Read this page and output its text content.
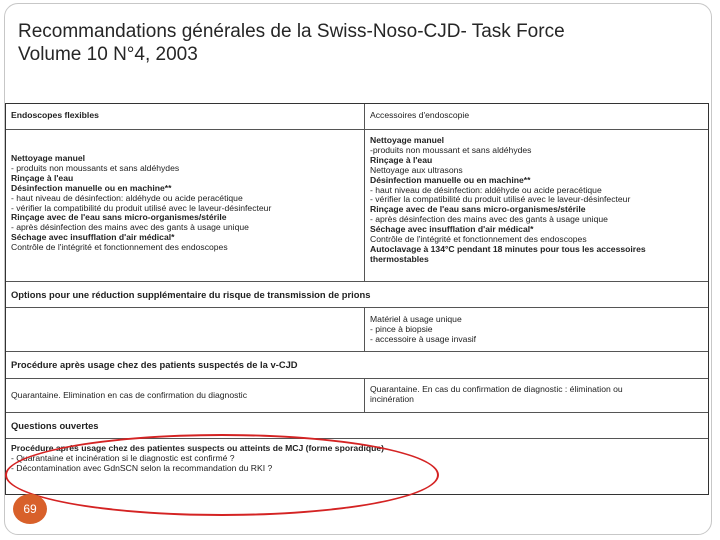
Recommandations générales de la Swiss-Noso-CJD- Task Force
Volume 10 N°4, 2003
Endoscopes flexibles	Accessoires d'endoscopie
Nettoyage manuel
- produits non moussants et sans aldéhydes
Rinçage à l'eau
Désinfection manuelle ou en machine**
- haut niveau de désinfection: aldéhyde ou acide peracétique
- vérifier la compatibilité du produit utilisé avec le laveur-désinfecteur
Rinçage avec de l'eau sans micro-organismes/stérile
- après désinfection des mains avec des gants à usage unique
Séchage avec insufflation d'air médical*
Contrôle de l'intégrité et fonctionnement des endoscopes
Nettoyage manuel
-produits non moussant et sans aldéhydes
Rinçage à l'eau
Nettoyage aux ultrasons
Désinfection manuelle ou en machine**
- haut niveau de désinfection: aldéhyde ou acide peracétique
- vérifier la compatibilité du produit utilisé avec le laveur-désinfecteur
Rinçage avec de l'eau sans micro-organismes/stérile
- après désinfection des mains avec des gants à usage unique
Séchage avec insufflation d'air médical*
Contrôle de l'intégrité et fonctionnement des endoscopes
Autoclavage à 134°C pendant 18 minutes pour tous les accessoires
thermostables
Options pour une réduction supplémentaire du risque de transmission de prions
Matériel à usage unique
- pince à biopsie
- accessoire à usage invasif
Procédure après usage chez des patients suspectés de la v-CJD
Quarantaine. Elimination en cas de confirmation du diagnostic
Quarantaine. En cas du confirmation de diagnostic : élimination ou
incinération
Questions ouvertes
Procédure après usage chez des patientes suspects ou atteints de MCJ (forme sporadique)
- Quarantaine et incinération si le diagnostic est confirmé ?
- Décontamination avec GdnSCN selon la recommandation du RKI ?
69
